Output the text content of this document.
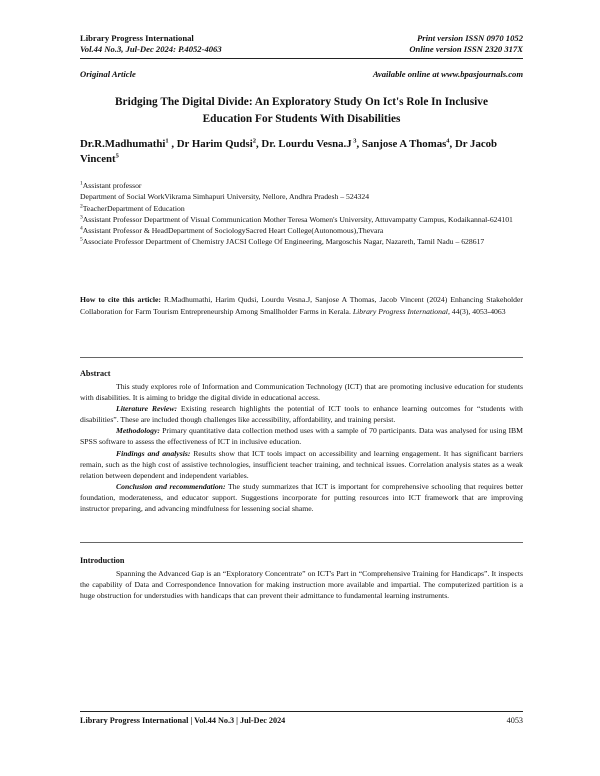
Library Progress International
Vol.44 No.3, Jul-Dec 2024: P.4052-4063
Print version ISSN 0970 1052
Online version ISSN 2320 317X
Original Article	Available online at www.bpasjournals.com
Bridging The Digital Divide: An Exploratory Study On Ict's Role In Inclusive
Education For Students With Disabilities
Dr.R.Madhumathi$^1$ , Dr Harim Qudsi$^2$, Dr. Lourdu Vesna.J $^3$, Sanjose A Thomas$^4$, Dr Jacob Vincent$^5$

$^1$Assistant professor

Department of Social WorkVikrama Simhapuri University, Nellore, Andhra Pradesh – 524324

$^2$TeacherDepartment of Education

$^3$Assistant Professor Department of Visual Communication Mother Teresa Women's University, Attuvampatty Campus, Kodaikannal-624101

$^4$Assistant Professor & HeadDepartment of SociologySacred Heart College(Autonomous),Thevara

$^5$Associate Professor Department of Chemistry JACSI College Of Engineering, Margoschis Nagar, Nazareth, Tamil Nadu – 628617

How to cite this article: R.Madhumathi, Harim Qudsi, Lourdu Vesna.J, Sanjose A Thomas, Jacob Vincent (2024) Enhancing Stakeholder Collaboration for Farm Tourism Entrepreneurship Among Smallholder Farms in Kerala. Library Progress International, 44(3), 4053-4063
Abstract

This study explores role of Information and Communication Technology (ICT) that are promoting inclusive education for students with disabilities. It is aiming to bridge the digital divide in educational access.

Literature Review: Existing research highlights the potential of ICT tools to enhance learning outcomes for “students with disabilities”. These are included though challenges like accessibility, affordability, and training persist.

Methodology: Primary quantitative data collection method uses with a sample of 70 participants. Data was analysed for using IBM SPSS software to assess the effectiveness of ICT in inclusive education.

Findings and analysis: Results show that ICT tools impact on accessibility and learning engagement. It has significant barriers remain, such as the high cost of assistive technologies, insufficient teacher training, and technical issues. Correlation analysis states as a weak relation between dependent and independent variables.

Conclusion and recommendation: The study summarizes that ICT is important for comprehensive schooling that requires better foundation, moderateness, and educator support. Suggestions incorporate for putting resources into ICT framework that are improving instructor preparing, and advancing mindfulness for lessening social shame.

Introduction

Spanning the Advanced Gap is an “Exploratory Concentrate” on ICT's Part in “Comprehensive Training for Handicaps”. It inspects the capability of Data and Correspondence Innovation for making instruction more available and impartial. The computerized partition is a huge obstruction for understudies with handicaps that can prevent their admittance to fundamental learning instruments.

Library Progress International | Vol.44 No.3 | Jul-Dec 2024	4053
